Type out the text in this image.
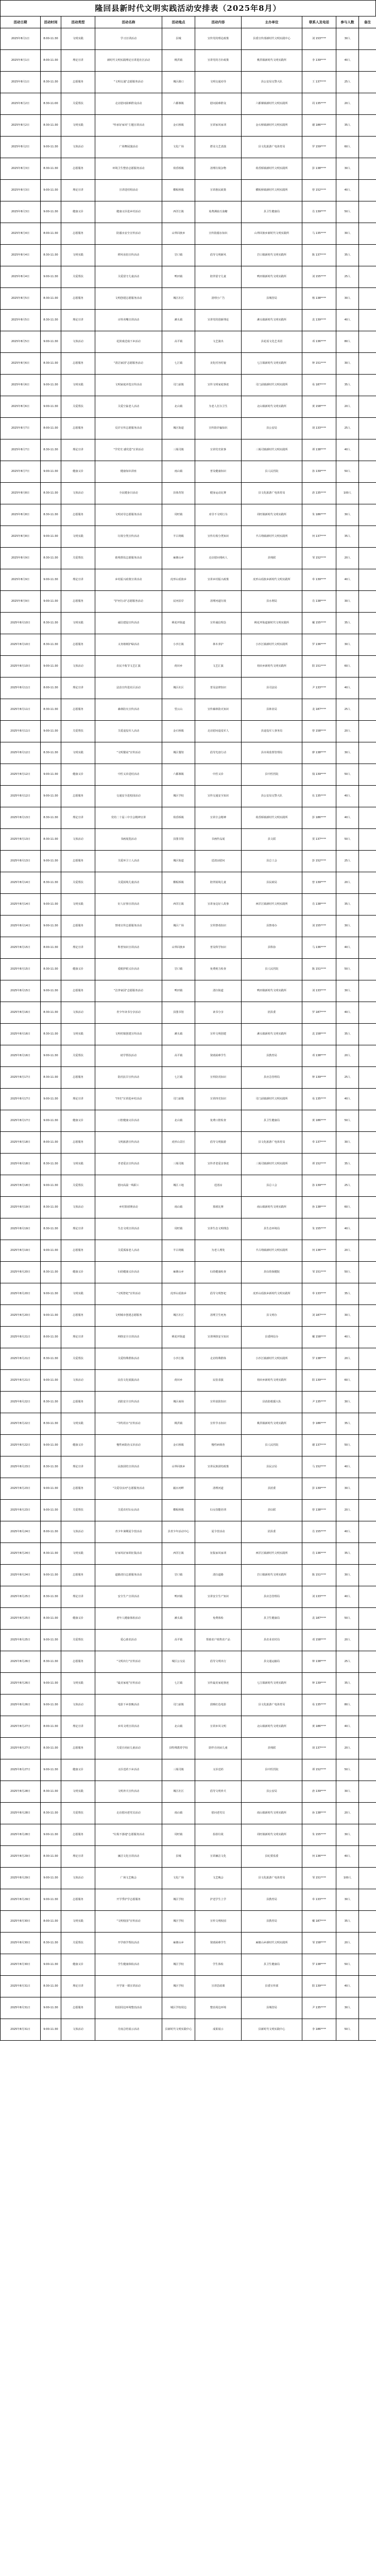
隆回县新时代文明实践活动安排表（2025年8月）
活动日期	活动时间	活动类型	活动名称	活动地点	活动内容	主办单位	联系人及电话	参与人数	备注
2025年8月1日	8:00-11:30	文明实践	学习宣讲活动	县城	宣传党的理论政策	县委宣传部新时代文明实践中心	刘 153****	30人	
2025年8月1日	8:00-11:30	理论宣讲	新时代文明实践理论宣讲进社区活动	桃洪镇	宣讲党的方针政策	桃洪镇新时代文明实践所	李 139****	40人	
2025年8月1日	8:30-11:30	志愿服务	"文明交通"志愿服务活动	城区路口	文明交通劝导	县公安局交警大队	王 137****	25人	
2025年8月2日	8:30-11:00	关爱帮扶	走访慰问困难群众活动	六都寨镇	慰问困难群众	六都寨镇新时代文明实践所	周 135****	20人	
2025年8月2日	8:30-11:30	文明实践	"传承好家风"主题宣讲活动	金石桥镇	宣讲家风家训	金石桥镇新时代文明实践所	谢 186****	35人	
2025年8月2日	9:00-11:30	文体活动	广场舞展演活动	文化广场	群众文艺表演	县文化旅游广电体育局	罗 159****	60人	
2025年8月3日	8:30-11:30	志愿服务	环境卫生整治志愿服务活动	荷香桥镇	清理垃圾杂物	荷香桥镇新时代文明实践所	彭 138****	30人	
2025年8月3日	9:00-11:30	理论宣讲	宣讲进村组活动	横板桥镇	宣讲惠民政策	横板桥镇新时代文明实践所	曾 152****	40人	
2025年8月3日	9:00-11:30	健康义诊	健康义诊进乡村活动	西洋江镇	免费测血压血糖	县卫生健康局	肖 139****	50人	
2025年8月4日	8:00-11:30	志愿服务	防溺水安全宣传活动	山界回族乡	宣传防溺水知识	山界回族乡新时代文明实践所	马 135****	30人	
2025年8月4日	8:30-11:30	文明实践	移风易俗宣传活动	岩口镇	倡导文明新风	岩口镇新时代文明实践所	陈 137****	35人	
2025年8月4日	9:00-11:30	关爱帮扶	关爱留守儿童活动	鸭田镇	陪伴留守儿童	鸭田镇新时代文明实践所	刘 155****	25人	
2025年8月5日	8:30-11:30	志愿服务	文明创建志愿服务活动	城区社区	清理小广告	县城管局	杨 138****	30人	
2025年8月5日	8:30-11:30	理论宣讲	百姓名嘴宣讲活动	滩头镇	宣讲党的创新理论	滩头镇新时代文明实践所	袁 139****	40人	
2025年8月5日	9:00-11:30	文体活动	花鼓戏送戏下乡活动	高平镇	文艺演出	县花瑶文化艺术团	邓 136****	80人	
2025年8月6日	8:30-11:30	志愿服务	"清洁家园"志愿服务活动	七江镇	美化村容村貌	七江镇新时代文明实践所	钟 151****	30人	
2025年8月6日	9:00-11:30	文明实践	文明家庭评选宣传活动	司门前镇	宣传文明家庭事迹	司门前镇新时代文明实践所	易 187****	35人	
2025年8月6日	9:00-11:30	关爱帮扶	关爱空巢老人活动	北山镇	为老人打扫卫生	北山镇新时代文明实践所	黄 158****	20人	
2025年8月7日	8:00-11:30	志愿服务	反诈宣传志愿服务活动	城区街道	宣传防诈骗知识	县公安局	胡 133****	25人	
2025年8月7日	8:30-11:30	理论宣讲	"学党史 感党恩"宣讲活动	三阁司镇	宣讲党史故事	三阁司镇新时代文明实践所	谭 138****	40人	
2025年8月7日	9:00-11:30	健康义诊	健康知识讲座	雨山镇	普及健康知识	县人民医院	孙 139****	50人	
2025年8月8日	8:30-11:30	文体活动	全民健身日活动	县体育馆	健身运动比赛	县文化旅游广电体育局	唐 135****	100人	
2025年8月8日	8:30-11:30	志愿服务	文明劝导志愿服务活动	周旺镇	劝导不文明行为	周旺镇新时代文明实践所	朱 186****	30人	
2025年8月8日	9:00-11:30	文明实践	垃圾分类宣传活动	羊古坳镇	宣传垃圾分类知识	羊古坳镇新时代文明实践所	何 137****	35人	
2025年8月9日	8:30-11:30	关爱帮扶	助残帮扶志愿服务活动	麻塘山乡	走访慰问残疾人	县残联	邹 152****	20人	
2025年8月9日	9:00-11:30	理论宣讲	乡村振兴政策宣讲活动	虎形山瑶族乡	宣讲乡村振兴政策	虎形山瑶族乡新时代文明实践所	奉 139****	40人	
2025年8月9日	9:00-11:30	志愿服务	"护河行动"志愿服务活动	辰河沿岸	清理河道垃圾	县水利局	肖 138****	30人	
2025年8月10日	8:30-11:30	文明实践	诚信建设宣传活动	桃花坪街道	宣传诚信理念	桃花坪街道新时代文明实践所	戴 155****	35人	
2025年8月10日	8:30-11:30	志愿服务	义务植树护绿活动	小沙江镇	林木养护	小沙江镇新时代文明实践所	罗 136****	30人	
2025年8月10日	9:00-11:30	文体活动	农民丰收节文艺汇演	荷田乡	文艺汇演	荷田乡新时代文明实践所	阳 151****	60人	
2025年8月11日	8:00-11:30	理论宣讲	法治宣传进社区活动	城区社区	普及法律知识	县司法局	尹 133****	40人	
2025年8月11日	8:30-11:30	志愿服务	森林防火宣传活动	望云山	宣传森林防火知识	县林业局	龙 187****	25人	
2025年8月11日	9:00-11:30	关爱帮扶	关爱退役军人活动	金石桥镇	走访慰问退役军人	县退役军人事务局	曾 158****	20人	
2025年8月12日	8:30-11:30	文明实践	"文明餐桌"宣传活动	城区餐馆	倡导光盘行动	县市场监督管理局	廖 138****	30人	
2025年8月12日	9:00-11:30	健康义诊	中医义诊进村活动	六都寨镇	中医义诊	县中医医院	钱 139****	50人	
2025年8月12日	9:00-11:30	志愿服务	交通安全进校园活动	城区学校	宣传交通安全知识	县公安局交警大队	伍 135****	40人	
2025年8月13日	8:30-11:30	理论宣讲	党的二十届三中全会精神宣讲	荷香桥镇	宣讲全会精神	荷香桥镇新时代文明实践所	彭 186****	40人	
2025年8月13日	8:30-11:30	文体活动	书画展览活动	县图书馆	书画作品展	县文联	贺 137****	50人	
2025年8月13日	9:00-11:30	志愿服务	关爱环卫工人活动	城区街道	送清凉慰问	县总工会	彭 152****	25人	
2025年8月14日	8:30-11:30	关爱帮扶	关爱困境儿童活动	横板桥镇	陪伴困境儿童	县民政局	曾 139****	20人	
2025年8月14日	9:00-11:30	文明实践	好人好事宣讲活动	西洋江镇	宣讲身边好人故事	西洋江镇新时代文明实践所	肖 138****	35人	
2025年8月14日	9:00-11:30	志愿服务	禁毒宣传志愿服务活动	城区广场	宣传禁毒知识	县禁毒办	刘 155****	30人	
2025年8月15日	8:00-11:30	理论宣讲	科普知识宣讲活动	山界回族乡	普及科学知识	县科协	马 136****	40人	
2025年8月15日	8:30-11:30	健康义诊	爱眼护眼义诊活动	岩口镇	免费视力检查	县人民医院	陈 151****	50人	
2025年8月15日	9:00-11:30	志愿服务	"洁净家园"志愿服务活动	鸭田镇	清扫街道	鸭田镇新时代文明实践所	刘 133****	30人	
2025年8月16日	8:30-11:30	文体活动	青少年读书分享活动	县图书馆	读书分享	团县委	罗 187****	40人	
2025年8月16日	8:30-11:30	文明实践	文明村镇创建宣传活动	滩头镇	宣传文明创建	滩头镇新时代文明实践所	袁 158****	35人	
2025年8月16日	9:00-11:30	关爱帮扶	助学帮扶活动	高平镇	资助困难学生	县教育局	邓 138****	20人	
2025年8月17日	8:30-11:30	志愿服务	防汛抗旱宣传活动	七江镇	宣传防汛知识	县应急管理局	钟 139****	25人	
2025年8月17日	9:00-11:30	理论宣讲	"四史"宣讲进乡村活动	司门前镇	宣讲四史知识	司门前镇新时代文明实践所	易 135****	40人	
2025年8月17日	9:00-11:30	健康义诊	口腔健康义诊活动	北山镇	免费口腔检查	县卫生健康局	黄 186****	50人	
2025年8月18日	8:00-11:30	志愿服务	文明旅游宣传活动	虎形山景区	倡导文明旅游	县文化旅游广电体育局	奉 137****	30人	
2025年8月18日	8:30-11:30	文明实践	孝老爱亲宣传活动	三阁司镇	宣传孝老爱亲事迹	三阁司镇新时代文明实践所	谭 152****	35人	
2025年8月18日	9:00-11:30	关爱帮扶	慰问高温一线职工	城区工地	送清凉	县总工会	孙 139****	25人	
2025年8月19日	8:30-11:30	文体活动	乡村篮球赛活动	雨山镇	篮球比赛	雨山镇新时代文明实践所	孙 138****	60人	
2025年8月19日	8:30-11:30	理论宣讲	生态文明宣讲活动	周旺镇	宣讲生态文明理念	县生态环境局	朱 155****	40人	
2025年8月19日	9:00-11:30	志愿服务	关爱孤寡老人活动	羊古坳镇	为老人理发	羊古坳镇新时代文明实践所	何 136****	20人	
2025年8月20日	8:30-11:30	健康义诊	妇幼健康义诊活动	麻塘山乡	妇幼健康检查	县妇幼保健院	邹 151****	50人	
2025年8月20日	9:00-11:30	文明实践	"文明祭祀"宣传活动	虎形山瑶族乡	倡导文明祭祀	虎形山瑶族乡新时代文明实践所	奉 133****	35人	
2025年8月20日	9:00-11:30	志愿服务	文明城市创建志愿服务	城区社区	清理卫生死角	县文明办	刘 187****	30人	
2025年8月21日	8:00-11:30	理论宣讲	网络安全宣讲活动	桃花坪街道	宣讲网络安全知识	县委网信办	戴 158****	40人	
2025年8月21日	8:30-11:30	关爱帮扶	关爱特殊群体活动	小沙江镇	走访特殊群体	小沙江镇新时代文明实践所	罗 138****	20人	
2025年8月21日	9:00-11:30	文体活动	民俗文化展演活动	荷田乡	民俗表演	荷田乡新时代文明实践所	阳 139****	60人	
2025年8月22日	8:30-11:30	志愿服务	消防安全宣传活动	城区商场	宣传消防知识	县消防救援大队	尹 135****	30人	
2025年8月22日	8:30-11:30	文明实践	"节约用水"宣传活动	桃洪镇	宣传节水知识	桃洪镇新时代文明实践所	李 186****	35人	
2025年8月22日	9:00-11:30	健康义诊	慢性病防治义诊活动	金石桥镇	慢性病筛查	县人民医院	谢 137****	50人	
2025年8月23日	8:30-11:30	理论宣讲	民族团结宣讲活动	山界回族乡	宣讲民族团结政策	县民宗局	马 152****	40人	
2025年8月23日	9:00-11:30	志愿服务	"关爱母亲河"志愿服务活动	赧水河畔	清理河道	县团委	彭 139****	30人	
2025年8月23日	9:00-11:30	关爱帮扶	关爱农村妇女活动	横板桥镇	妇女技能培训	县妇联	曾 138****	20人	
2025年8月24日	8:00-11:30	文体活动	青少年暑期夏令营活动	县青少年活动中心	夏令营活动	团县委	肖 155****	40人	
2025年8月24日	8:30-11:30	文明实践	好家风好家训征集活动	西洋江镇	征集家风家训	西洋江镇新时代文明实践所	肖 136****	35人	
2025年8月24日	9:00-11:30	志愿服务	道路清扫志愿服务活动	岩口镇	清扫道路	岩口镇新时代文明实践所	陈 151****	30人	
2025年8月25日	8:30-11:30	理论宣讲	安全生产宣讲活动	鸭田镇	宣讲安全生产知识	县应急管理局	刘 133****	40人	
2025年8月25日	8:30-11:30	健康义诊	老年人健康体检活动	滩头镇	免费体检	县卫生健康局	袁 187****	50人	
2025年8月25日	9:00-11:30	关爱帮扶	爱心助农活动	高平镇	帮助农户销售农产品	县农业农村局	邓 158****	20人	
2025年8月26日	8:30-11:30	志愿服务	"文明出行"宣传活动	城区公交站	倡导文明出行	县交通运输局	钟 138****	25人	
2025年8月26日	9:00-11:30	文明实践	"最美家庭"宣传活动	七江镇	宣传最美家庭事迹	七江镇新时代文明实践所	钟 139****	35人	
2025年8月26日	9:00-11:30	文体活动	电影下乡放映活动	司门前镇	放映红色电影	县文化旅游广电体育局	易 135****	80人	
2025年8月27日	8:00-11:30	理论宣讲	乡风文明宣讲活动	北山镇	宣讲乡风文明	北山镇新时代文明实践所	黄 186****	40人	
2025年8月27日	8:30-11:30	志愿服务	关爱自闭症儿童活动	县特殊教育学校	陪伴自闭症儿童	县残联	胡 137****	20人	
2025年8月27日	9:00-11:30	健康义诊	义诊送药下乡活动	三阁司镇	义诊送药	县中医医院	谭 152****	50人	
2025年8月28日	8:30-11:30	文明实践	文明养犬宣传活动	城区社区	倡导文明养犬	县公安局	唐 139****	30人	
2025年8月28日	8:30-11:30	关爱帮扶	走访慰问老党员活动	雨山镇	慰问老党员	雨山镇新时代文明实践所	孙 138****	20人	
2025年8月28日	9:00-11:30	志愿服务	"垃圾不落地"志愿服务活动	周旺镇	捡拾垃圾	周旺镇新时代文明实践所	朱 155****	30人	
2025年8月29日	8:30-11:30	理论宣讲	廉洁文化宣讲活动	县城	宣讲廉洁文化	县纪委监委	何 136****	40人	
2025年8月29日	9:00-11:30	文体活动	广场文艺晚会	文化广场	文艺晚会	县文化旅游广电体育局	邹 151****	100人	
2025年8月29日	9:00-11:30	志愿服务	开学季护学志愿服务	城区学校	护送学生上学	县教育局	奉 133****	30人	
2025年8月30日	8:00-11:30	文明实践	"文明校园"宣传活动	城区学校	宣传文明校园	县教育局	戴 187****	35人	
2025年8月30日	8:30-11:30	关爱帮扶	开学助学帮扶活动	麻塘山乡	资助困难学生	麻塘山乡新时代文明实践所	邹 158****	20人	
2025年8月30日	9:00-11:30	健康义诊	学生健康体检活动	城区学校	学生体检	县卫生健康局	罗 138****	50人	
2025年8月31日	8:30-11:30	理论宣讲	开学第一课宣讲活动	城区学校	宣讲思政课	县委宣传部	阳 139****	40人	
2025年8月31日	9:00-11:30	志愿服务	校园周边环境整治活动	城区学校周边	整治周边环境	县城管局	尹 135****	30人	
2025年8月31日	9:00-11:30	文体活动	月度总结展示活动	县新时代文明实践中心	成果展示	县新时代文明实践中心	李 186****	50人	
